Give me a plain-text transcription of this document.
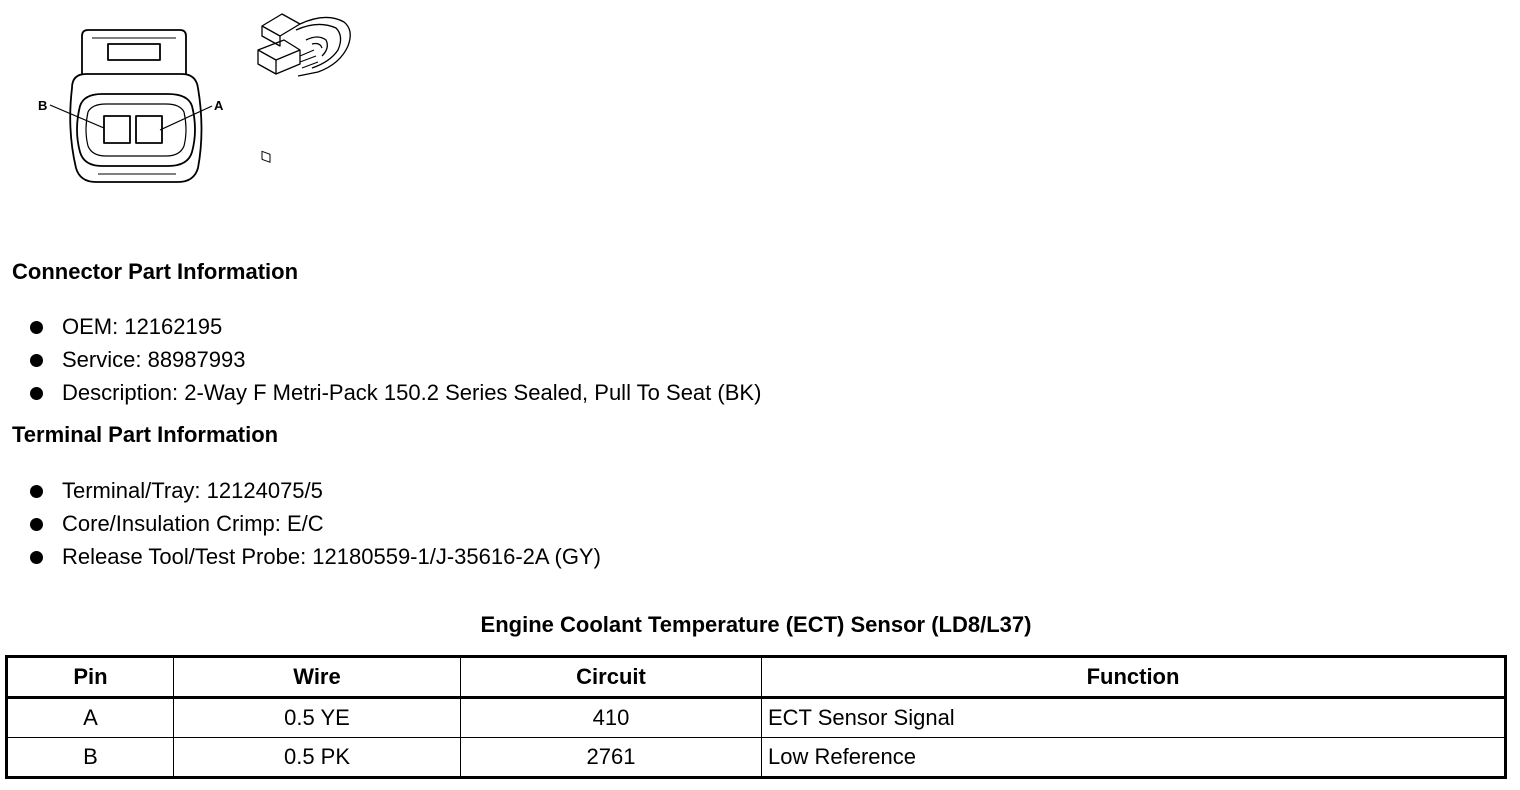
B	A
Connector Part Information
OEM: 12162195
Service: 88987993
Description: 2-Way F Metri-Pack 150.2 Series Sealed, Pull To Seat (BK)
Terminal Part Information
Terminal/Tray: 12124075/5
Core/Insulation Crimp: E/C
Release Tool/Test Probe: 12180559-1/J-35616-2A (GY)
Engine Coolant Temperature (ECT) Sensor (LD8/L37)
Pin	Wire	Circuit	Function
A	0.5 YE	410	ECT Sensor Signal
B	0.5 PK	2761	Low Reference
